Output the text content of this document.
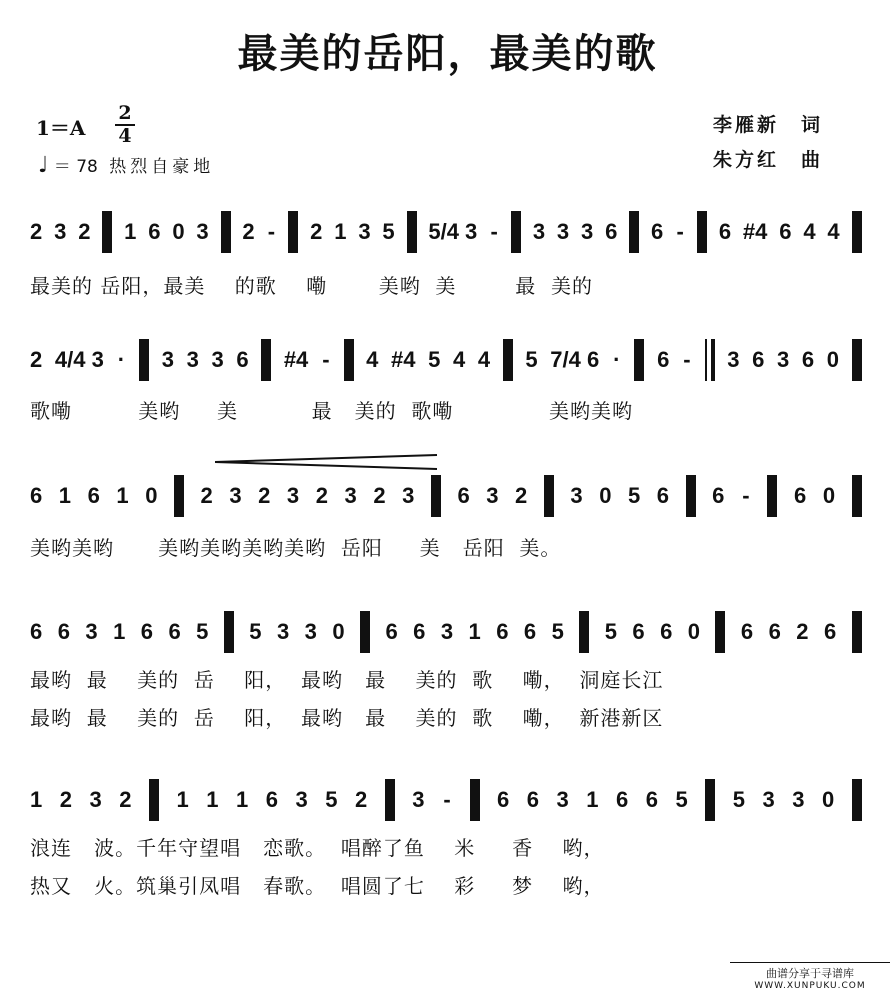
最美的岳阳，最美的歌
1＝A
2
4
♩ ＝ 78 热烈自豪地
李雁新　词
朱方红　曲
2 3 2 1 6 0 3 2 - 2 1 3 5 5/4 3 - 3 3 3 6 6 - 6 #4 6 4 4
最美的 岳阳，最美    的歌    嘞       美哟  美        最  美的
2 4/4 3 · 3 3 3 6 #4 - 4 #4 5 4 4 5 7/4 6 · 6 - 3 6 3 6 0
歌嘞         美哟     美          最   美的  歌嘞             美哟美哟
6 1 6 1 0 2 3 2 3 2 3 2 3 6 3 2 3 0 5 6 6 - 6 0
美哟美哟      美哟美哟美哟美哟  岳阳     美   岳阳  美。
6 6 3 1 6 6 5 5 3 3 0 6 6 3 1 6 6 5 5 6 6 0 6 6 2 6
最哟  最    美的  岳    阳，  最哟   最    美的  歌    嘞，  洞庭长江
最哟  最    美的  岳    阳，  最哟   最    美的  歌    嘞，  新港新区
1 2 3 2 1 1 1 6 3 5 2 3 - 6 6 3 1 6 6 5 5 3 3 0
浪连   波。千年守望唱   恋歌。  唱醉了鱼    米     香    哟，
热又   火。筑巢引凤唱   春歌。  唱圆了七    彩     梦    哟，
曲谱分享于寻谱库
WWW.XUNPUKU.COM
